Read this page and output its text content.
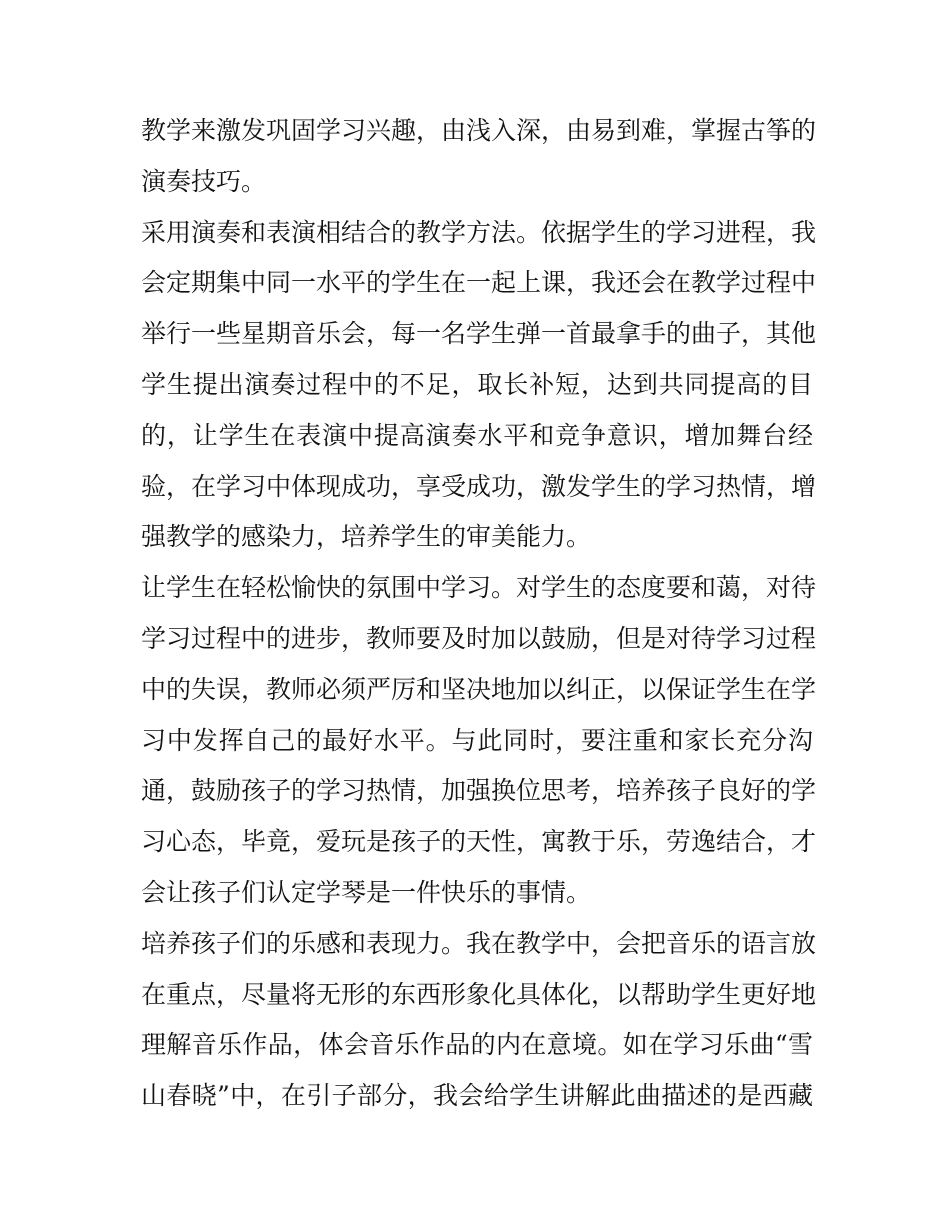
教学来激发巩固学习兴趣，由浅入深，由易到难，掌握古筝的
演奏技巧。
采用演奏和表演相结合的教学方法。依据学生的学习进程，我
会定期集中同一水平的学生在一起上课，我还会在教学过程中
举行一些星期音乐会，每一名学生弹一首最拿手的曲子，其他
学生提出演奏过程中的不足，取长补短，达到共同提高的目
的，让学生在表演中提高演奏水平和竞争意识，增加舞台经
验，在学习中体现成功，享受成功，激发学生的学习热情，增
强教学的感染力，培养学生的审美能力。
让学生在轻松愉快的氛围中学习。对学生的态度要和蔼，对待
学习过程中的进步，教师要及时加以鼓励，但是对待学习过程
中的失误，教师必须严厉和坚决地加以纠正，以保证学生在学
习中发挥自己的最好水平。与此同时，要注重和家长充分沟
通，鼓励孩子的学习热情，加强换位思考，培养孩子良好的学
习心态，毕竟，爱玩是孩子的天性，寓教于乐，劳逸结合，才
会让孩子们认定学琴是一件快乐的事情。
培养孩子们的乐感和表现力。我在教学中，会把音乐的语言放
在重点，尽量将无形的东西形象化具体化，以帮助学生更好地
理解音乐作品，体会音乐作品的内在意境。如在学习乐曲“雪
山春晓”中，在引子部分，我会给学生讲解此曲描述的是西藏
